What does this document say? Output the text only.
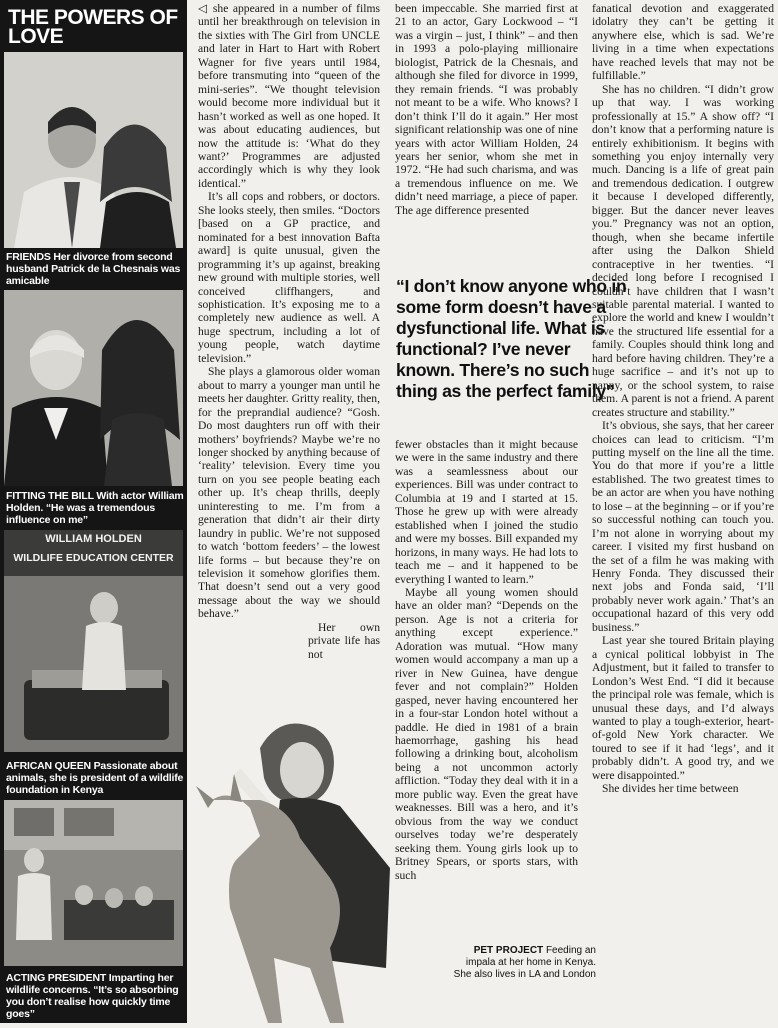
THE POWERS OF LOVE
FRIENDS Her divorce from second husband Patrick de la Chesnais was amicable
FITTING THE BILL With actor William Holden. “He was a tremendous influence on me”
WILLIAM HOLDEN
WILDLIFE EDUCATION CENTER
AFRICAN QUEEN Passionate about animals, she is president of a wildlife foundation in Kenya
ACTING PRESIDENT Imparting her wildlife concerns. “It’s so absorbing you don’t realise how quickly time goes”

◁ she appeared in a number of films until her breakthrough on television in the sixties with The Girl from UNCLE and later in Hart to Hart with Robert Wagner for five years until 1984, before transmuting into “queen of the mini-series”. “We thought television would become more individual but it hasn’t worked as well as one hoped. It was about educating audiences, but now the attitude is: ‘What do they want?’ Programmes are adjusted accordingly which is why they look identical.”

It’s all cops and robbers, or doctors. She looks steely, then smiles. “Doctors [based on a GP practice, and nominated for a best innovation Bafta award] is quite unusual, given the programming it’s up against, breaking new ground with multiple stories, well conceived cliffhangers, and sophistication. It’s exposing me to a completely new audience as well. A huge spectrum, including a lot of young people, watch daytime television.”

She plays a glamorous older woman about to marry a younger man until he meets her daughter. Gritty reality, then, for the preprandial audience? “Gosh. Do most daughters run off with their mothers’ boyfriends? Maybe we’re no longer shocked by anything because of ‘reality’ television. Every time you turn on you see people beating each other up. It’s cheap thrills, deeply uninteresting to me. I’m from a generation that didn’t air their dirty laundry in public. We’re not supposed to watch ‘bottom feeders’ – the lowest life forms – but because they’re on television it somehow glorifies them. That doesn’t send out a very good message about the way we should behave.”

Her own private life has not

been impeccable. She married first at 21 to an actor, Gary Lockwood – “I was a virgin – just, I think” – and then in 1993 a polo-playing millionaire biologist, Patrick de la Chesnais, and although she filed for divorce in 1999, they remain friends. “I was probably not meant to be a wife. Who knows? I don’t think I’ll do it again.” Her most significant relationship was one of nine years with actor William Holden, 24 years her senior, whom she met in 1972. “He had such charisma, and was a tremendous influence on me. We didn’t need marriage, a piece of paper. The age difference presented

“I don’t know anyone who in some form doesn’t have a dysfunctional life. What is functional? I’ve never known. There’s no such thing as the perfect family”

fewer obstacles than it might because we were in the same industry and there was a seamlessness about our experiences. Bill was under contract to Columbia at 19 and I started at 15. Those he grew up with were already established when I joined the studio and were my bosses. Bill expanded my horizons, in many ways. He had lots to teach me – and it happened to be everything I wanted to learn.”

Maybe all young women should have an older man? “Depends on the person. Age is not a criteria for anything except experience.” Adoration was mutual. “How many women would accompany a man up a river in New Guinea, have dengue fever and not complain?” Holden gasped, never having encountered her in a four-star London hotel without a paddle. He died in 1981 of a brain haemorrhage, gashing his head following a drinking bout, alcoholism being a not uncommon actorly affliction. “Today they deal with it in a more public way. Even the great have weaknesses. Bill was a hero, and it’s obvious from the way we conduct ourselves today we’re desperately seeking them. Young girls look up to Britney Spears, or sports stars, with such

PET PROJECT Feeding an impala at her home in Kenya. She also lives in LA and London

fanatical devotion and exaggerated idolatry they can’t be getting it anywhere else, which is sad. We’re living in a time when expectations have reached levels that may not be fulfillable.”

She has no children. “I didn’t grow up that way. I was working professionally at 15.” A show off? “I don’t know that a performing nature is entirely exhibitionism. It begins with something you enjoy internally very much. Dancing is a life of great pain and tremendous dedication. I outgrew it because I developed differently, bigger. But the dancer never leaves you.” Pregnancy was not an option, though, when she became infertile after using the Dalkon Shield contraceptive in her twenties. “I decided long before I recognised I couldn’t have children that I wasn’t suitable parental material. I wanted to explore the world and knew I wouldn’t have the structured life essential for a family. Couples should think long and hard before having children. They’re a huge sacrifice – and it’s not up to nanny, or the school system, to raise them. A parent is not a friend. A parent creates structure and stability.”

It’s obvious, she says, that her career choices can lead to criticism. “I’m putting myself on the line all the time. You do that more if you’re a little established. The two greatest times to be an actor are when you have nothing to lose – at the beginning – or if you’re so successful nothing can touch you. I’m not alone in worrying about my career. I visited my first husband on the set of a film he was making with Henry Fonda. They discussed their next jobs and Fonda said, ‘I’ll probably never work again.’ That’s an occupational hazard of this very odd business.”

Last year she toured Britain playing a cynical political lobbyist in The Adjustment, but it failed to transfer to London’s West End. “I did it because the principal role was female, which is unusual these days, and I’d always wanted to play a tough-exterior, heart-of-gold New York character. We toured to see if it had ‘legs’, and it probably didn’t. A good try, and we were disappointed.”

She divides her time between
